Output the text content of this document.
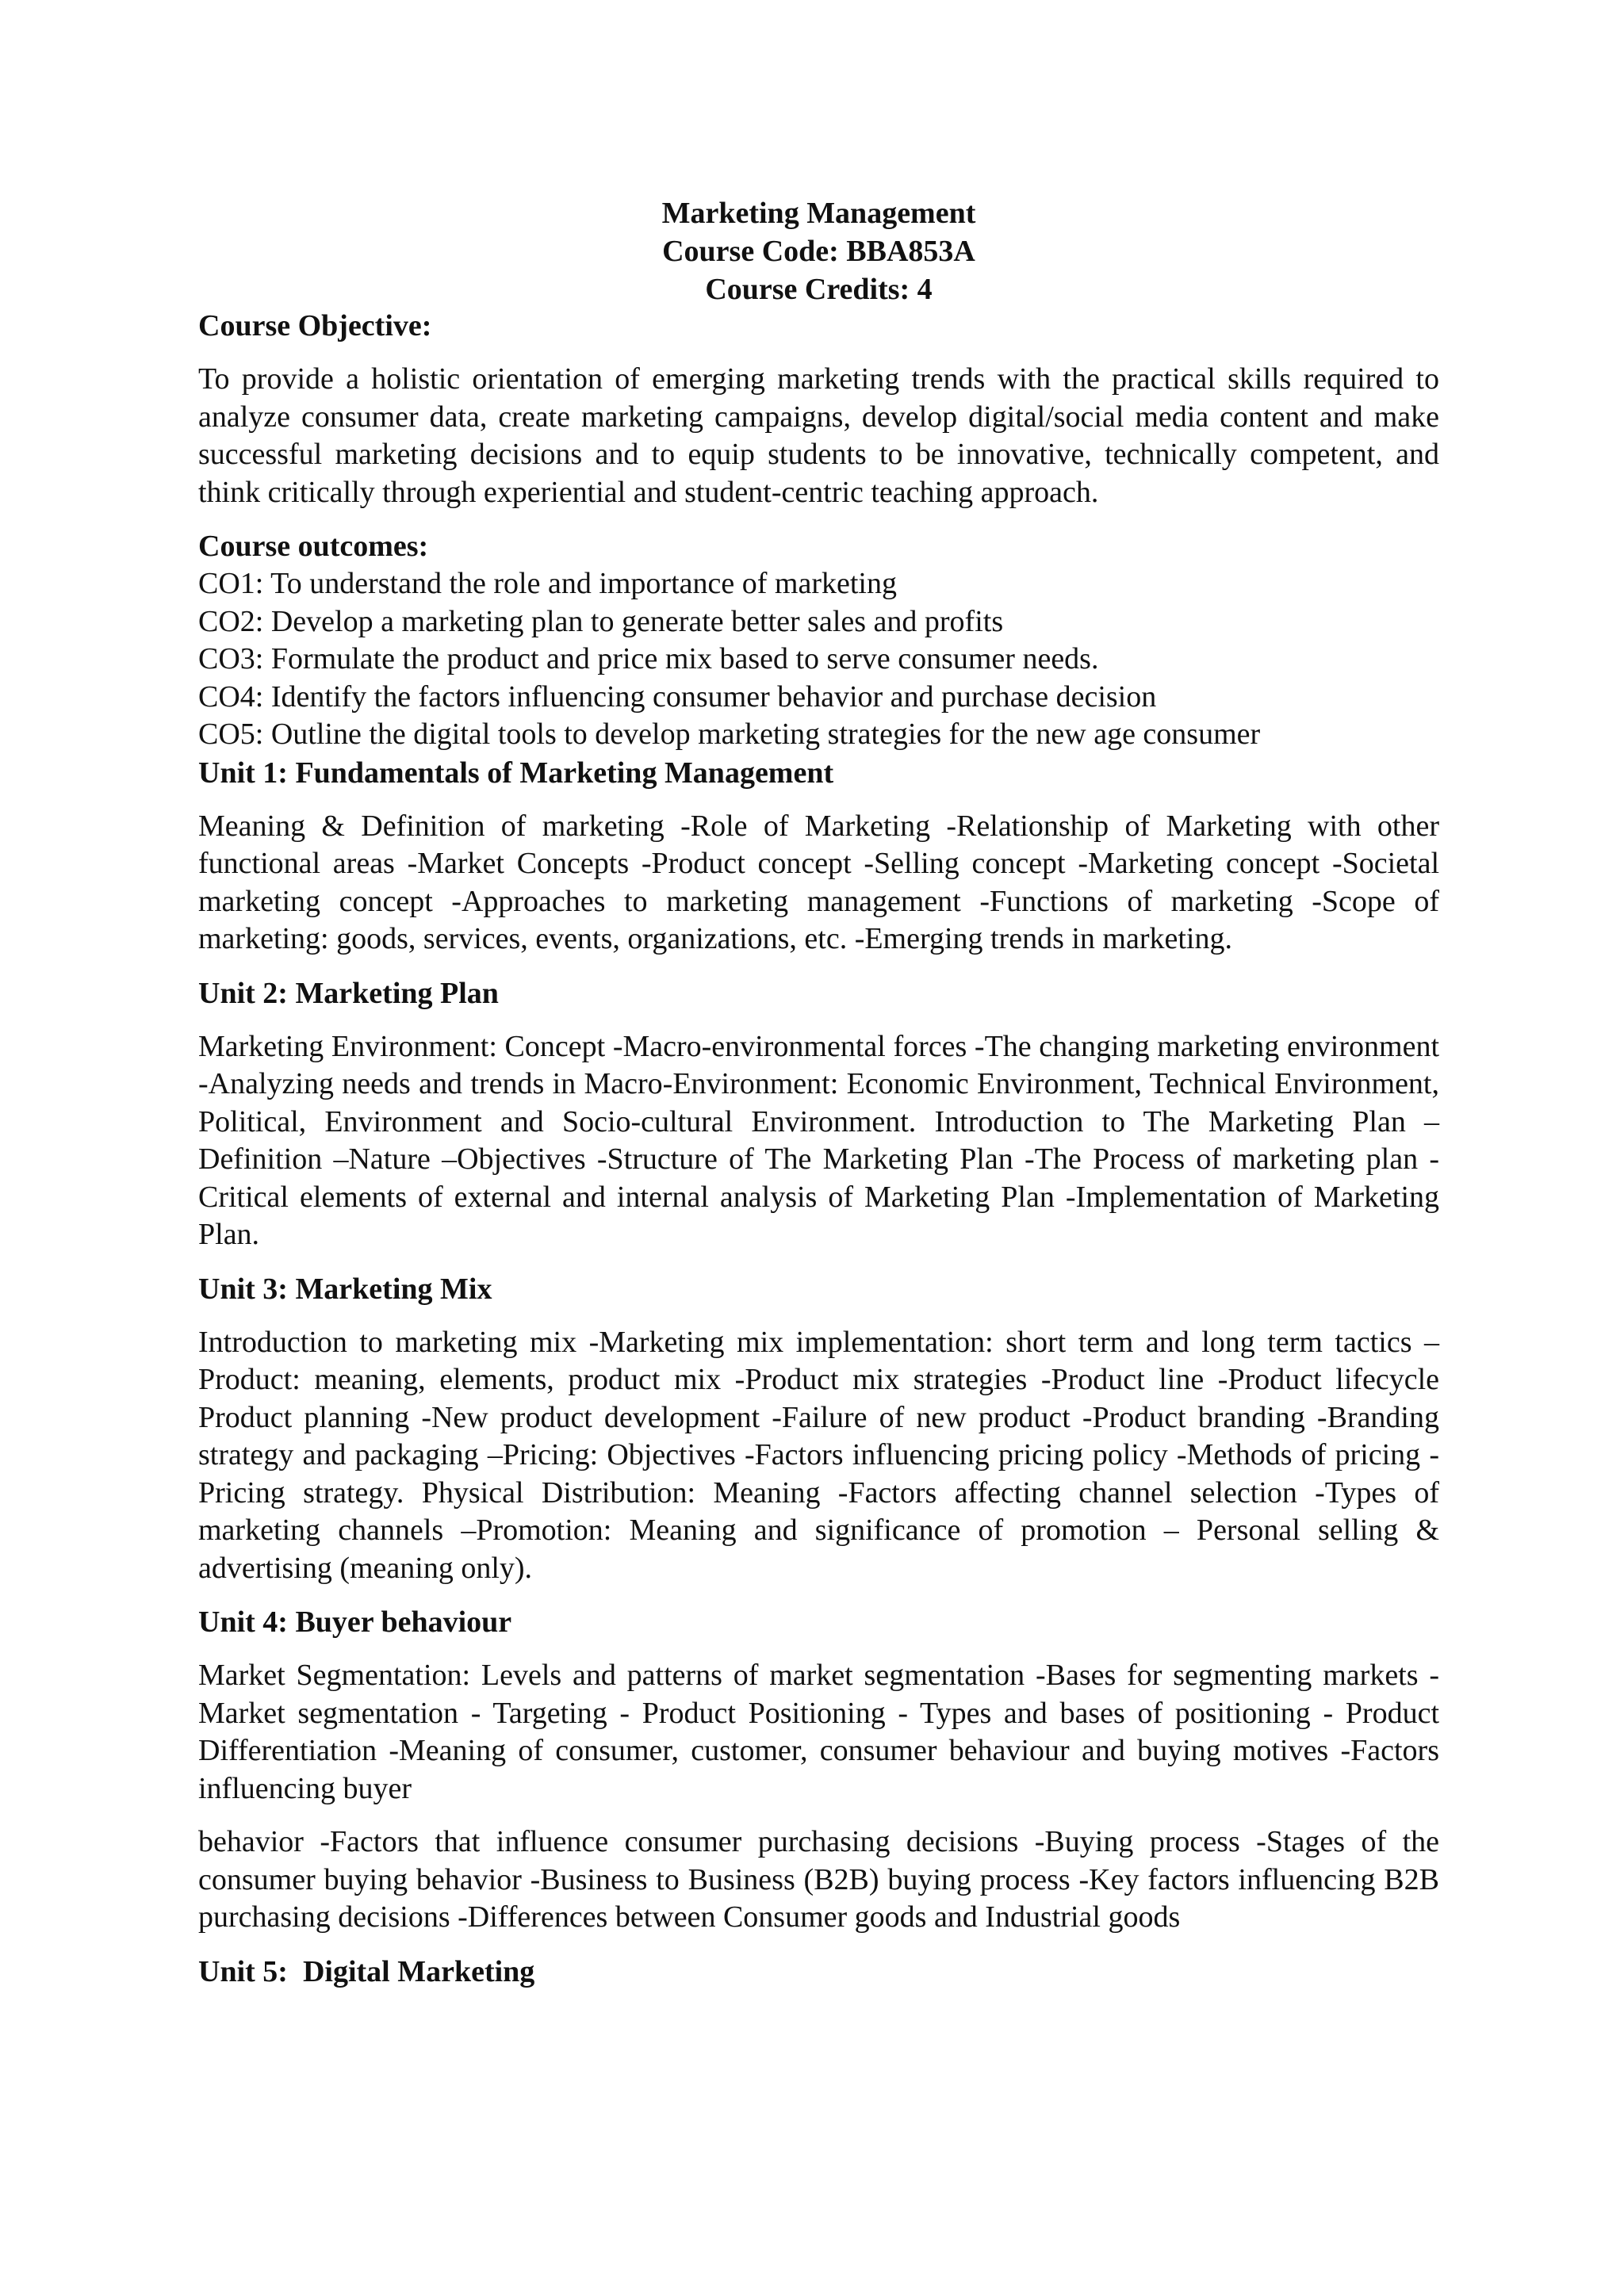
Marketing Management
Course Code: BBA853A
Course Credits: 4
Course Objective:

To provide a holistic orientation of emerging marketing trends with the practical skills required to analyze consumer data, create marketing campaigns, develop digital/social media content and make successful marketing decisions and to equip students to be innovative, technically competent, and think critically through experiential and student-centric teaching approach.

Course outcomes:
CO1: To understand the role and importance of marketing
CO2: Develop a marketing plan to generate better sales and profits
CO3: Formulate the product and price mix based to serve consumer needs.
CO4: Identify the factors influencing consumer behavior and purchase decision
CO5: Outline the digital tools to develop marketing strategies for the new age consumer
Unit 1: Fundamentals of Marketing Management

Meaning & Definition of marketing -Role of Marketing -Relationship of Marketing with other functional areas -Market Concepts -Product concept -Selling concept -Marketing concept -Societal marketing concept -Approaches to marketing management -Functions of marketing -Scope of marketing: goods, services, events, organizations, etc. -Emerging trends in marketing.

Unit 2: Marketing Plan

Marketing Environment: Concept -Macro-environmental forces -The changing marketing environment -Analyzing needs and trends in Macro-Environment: Economic Environment, Technical Environment, Political, Environment and Socio-cultural Environment. Introduction to The Marketing Plan –Definition –Nature –Objectives -Structure of The Marketing Plan -The Process of marketing plan -Critical elements of external and internal analysis of Marketing Plan -Implementation of Marketing Plan.

Unit 3: Marketing Mix

Introduction to marketing mix -Marketing mix implementation: short term and long term tactics –Product: meaning, elements, product mix -Product mix strategies -Product line -Product lifecycle Product planning -New product development -Failure of new product -Product branding -Branding strategy and packaging –Pricing: Objectives -Factors influencing pricing policy -Methods of pricing -Pricing strategy. Physical Distribution: Meaning -Factors affecting channel selection -Types of marketing channels –Promotion: Meaning and significance of promotion – Personal selling & advertising (meaning only).

Unit 4: Buyer behaviour

Market Segmentation: Levels and patterns of market segmentation -Bases for segmenting markets -Market segmentation - Targeting - Product Positioning - Types and bases of positioning - Product Differentiation -Meaning of consumer, customer, consumer behaviour and buying motives -Factors influencing buyer

behavior -Factors that influence consumer purchasing decisions -Buying process -Stages of the consumer buying behavior -Business to Business (B2B) buying process -Key factors influencing B2B purchasing decisions -Differences between Consumer goods and Industrial goods

Unit 5:  Digital Marketing
